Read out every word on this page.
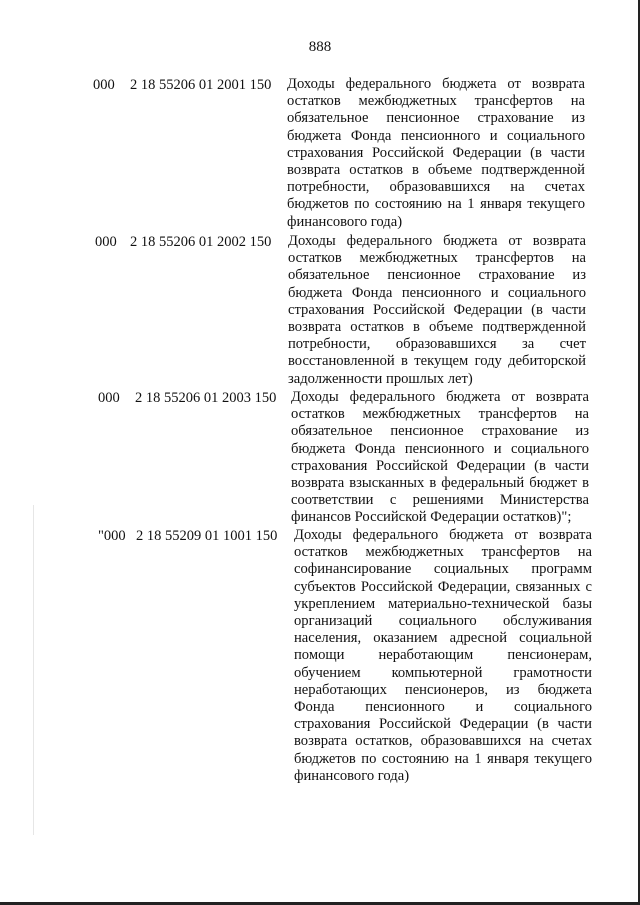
888
000 2 18 55206 01 2001 150 Доходы федерального бюджета от возврата
остатков межбюджетных трансфертов на
обязательное пенсионное страхование из
бюджета Фонда пенсионного и социального
страхования Российской Федерации (в части
возврата остатков в объеме подтвержденной
потребности, образовавшихся на счетах
бюджетов по состоянию на 1 января текущего
финансового года)
000 2 18 55206 01 2002 150 Доходы федерального бюджета от возврата
остатков межбюджетных трансфертов на
обязательное пенсионное страхование из
бюджета Фонда пенсионного и социального
страхования Российской Федерации (в части
возврата остатков в объеме подтвержденной
потребности, образовавшихся за счет
восстановленной в текущем году дебиторской
задолженности прошлых лет)
000 2 18 55206 01 2003 150 Доходы федерального бюджета от возврата
остатков межбюджетных трансфертов на
обязательное пенсионное страхование из
бюджета Фонда пенсионного и социального
страхования Российской Федерации (в части
возврата взысканных в федеральный бюджет в
соответствии с решениями Министерства
финансов Российской Федерации остатков)";
"000 2 18 55209 01 1001 150 Доходы федерального бюджета от возврата
остатков межбюджетных трансфертов на
софинансирование социальных программ
субъектов Российской Федерации, связанных с
укреплением материально-технической базы
организаций социального обслуживания
населения, оказанием адресной социальной
помощи неработающим пенсионерам,
обучением компьютерной грамотности
неработающих пенсионеров, из бюджета
Фонда пенсионного и социального
страхования Российской Федерации (в части
возврата остатков, образовавшихся на счетах
бюджетов по состоянию на 1 января текущего
финансового года)
